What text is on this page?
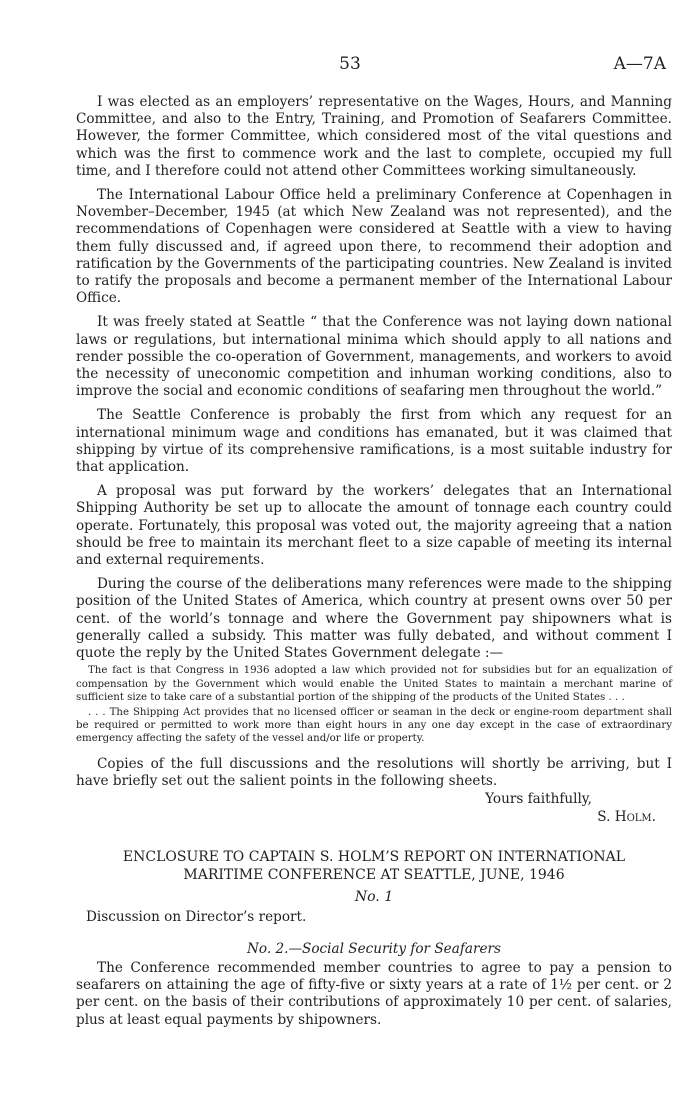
53	A—7A

I was elected as an employers’ representative on the Wages, Hours, and Manning Committee, and also to the Entry, Training, and Promotion of Seafarers Committee. However, the former Committee, which considered most of the vital questions and which was the first to commence work and the last to complete, occupied my full time, and I therefore could not attend other Committees working simultaneously.

The International Labour Office held a preliminary Conference at Copenhagen in November–December, 1945 (at which New Zealand was not represented), and the recommendations of Copenhagen were considered at Seattle with a view to having them fully discussed and, if agreed upon there, to recommend their adoption and ratification by the Governments of the participating countries. New Zealand is invited to ratify the proposals and become a permanent member of the International Labour Office.

It was freely stated at Seattle “ that the Conference was not laying down national laws or regulations, but international minima which should apply to all nations and render possible the co-operation of Government, managements, and workers to avoid the necessity of uneconomic competition and inhuman working conditions, also to improve the social and economic conditions of seafaring men throughout the world.”

The Seattle Conference is probably the first from which any request for an international minimum wage and conditions has emanated, but it was claimed that shipping by virtue of its comprehensive ramifications, is a most suitable industry for that application.

A proposal was put forward by the workers’ delegates that an International Shipping Authority be set up to allocate the amount of tonnage each country could operate. Fortunately, this proposal was voted out, the majority agreeing that a nation should be free to maintain its merchant fleet to a size capable of meeting its internal and external requirements.

During the course of the deliberations many references were made to the shipping position of the United States of America, which country at present owns over 50 per cent. of the world’s tonnage and where the Government pay shipowners what is generally called a subsidy. This matter was fully debated, and without comment I quote the reply by the United States Government delegate :—

The fact is that Congress in 1936 adopted a law which provided not for subsidies but for an equalization of compensation by the Government which would enable the United States to maintain a merchant marine of sufficient size to take care of a substantial portion of the shipping of the products of the United States . . .

. . . The Shipping Act provides that no licensed officer or seaman in the deck or engine-room department shall be required or permitted to work more than eight hours in any one day except in the case of extraordinary emergency affecting the safety of the vessel and/or life or property.

Copies of the full discussions and the resolutions will shortly be arriving, but I have briefly set out the salient points in the following sheets.

Yours faithfully,

S. Holm.

ENCLOSURE TO CAPTAIN S. HOLM’S REPORT ON INTERNATIONAL

MARITIME CONFERENCE AT SEATTLE, JUNE, 1946

No. 1

Discussion on Director’s report.

No. 2.—Social Security for Seafarers

The Conference recommended member countries to agree to pay a pension to seafarers on attaining the age of fifty-five or sixty years at a rate of 1½ per cent. or 2 per cent. on the basis of their contributions of approximately 10 per cent. of salaries, plus at least equal payments by shipowners.
